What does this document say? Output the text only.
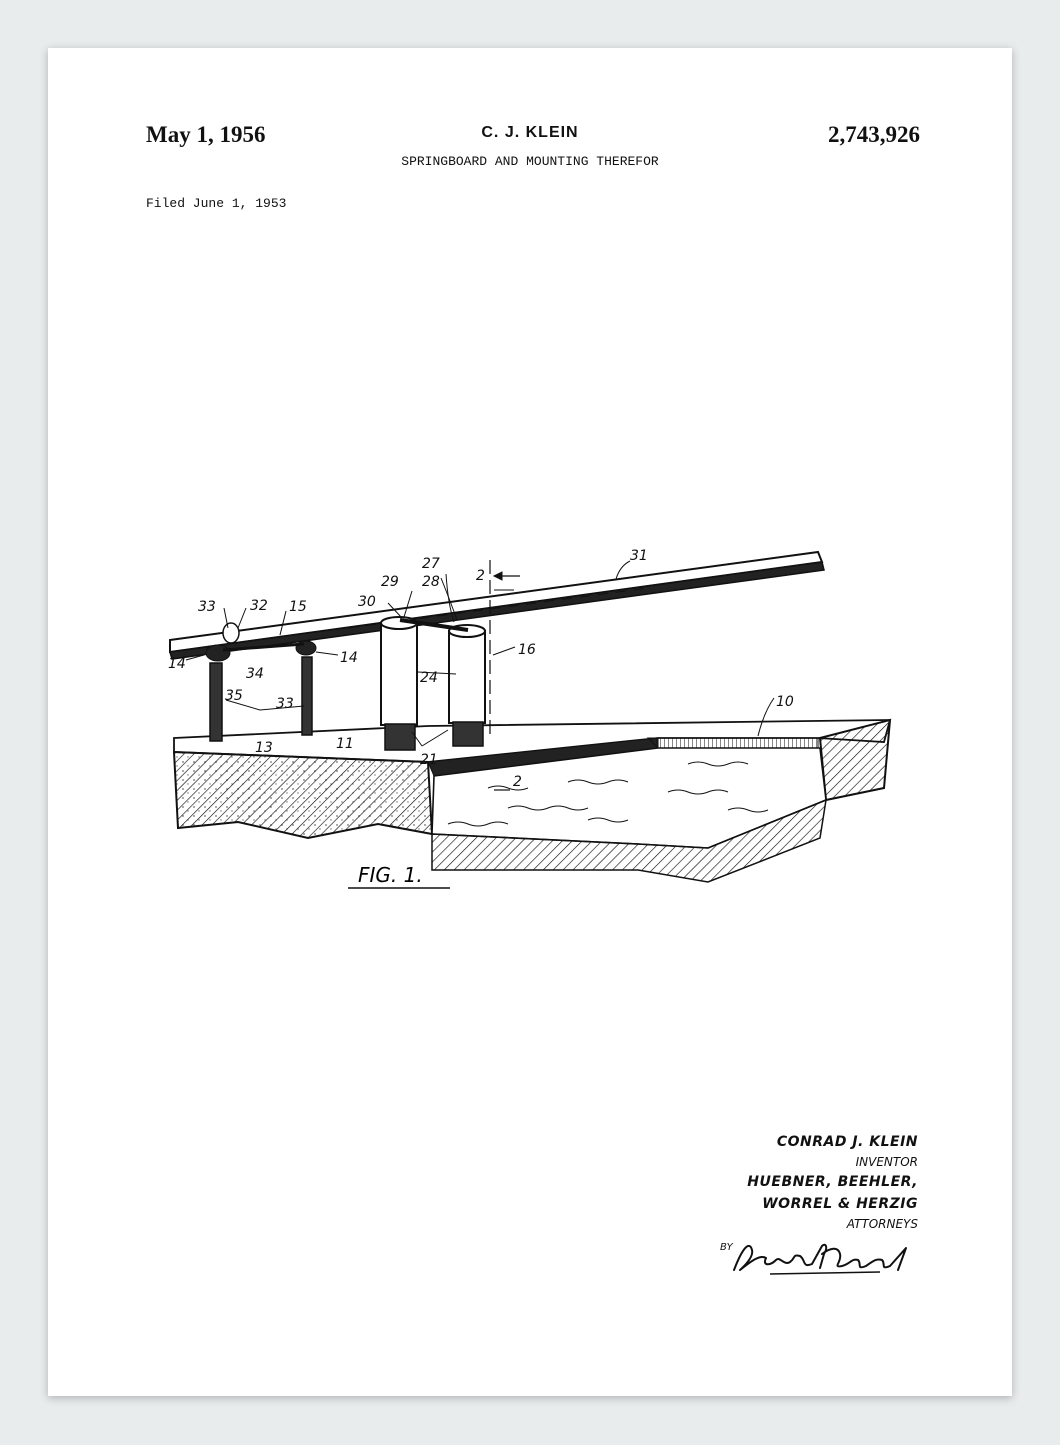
May 1, 1956	C. J. KLEIN
SPRINGBOARD AND MOUNTING THEREFOR
2,743,926
Filed June 1, 1953
31
27
29 28	2
30
33 32 15
14	14
34
35 33
24
16
10
13	11
21
2
FIG. 1.
CONRAD J. KLEIN
INVENTOR
HUEBNER, BEEHLER,
WORREL & HERZIG
ATTORNEYS
BY
